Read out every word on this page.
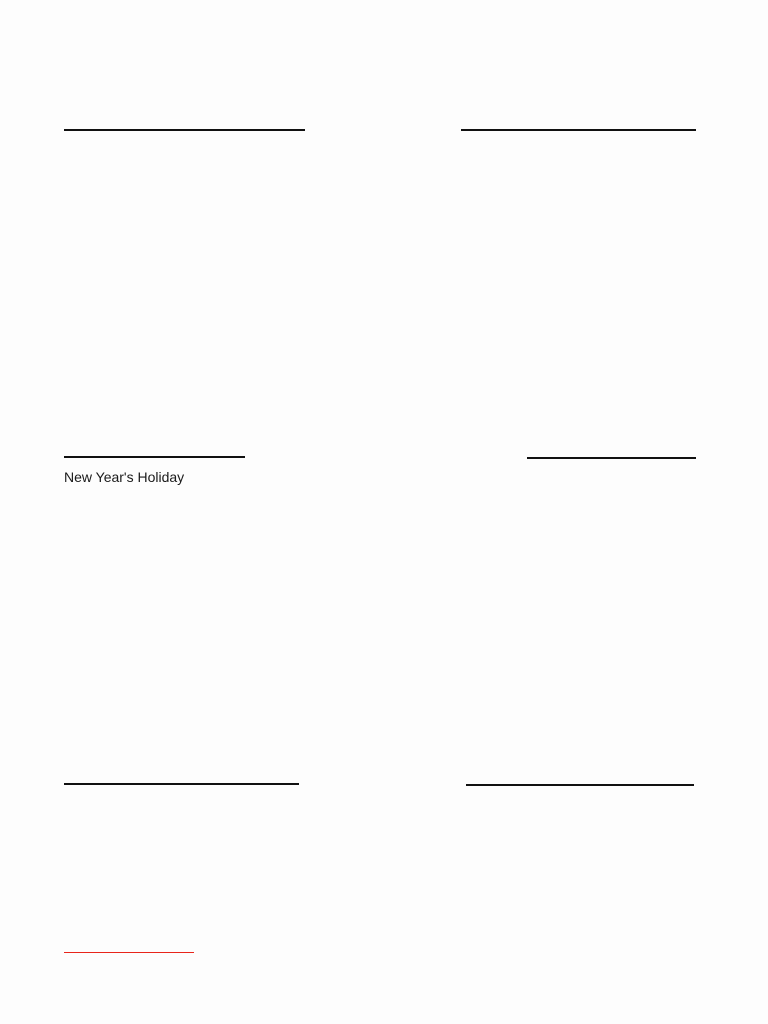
New Year's Holiday
